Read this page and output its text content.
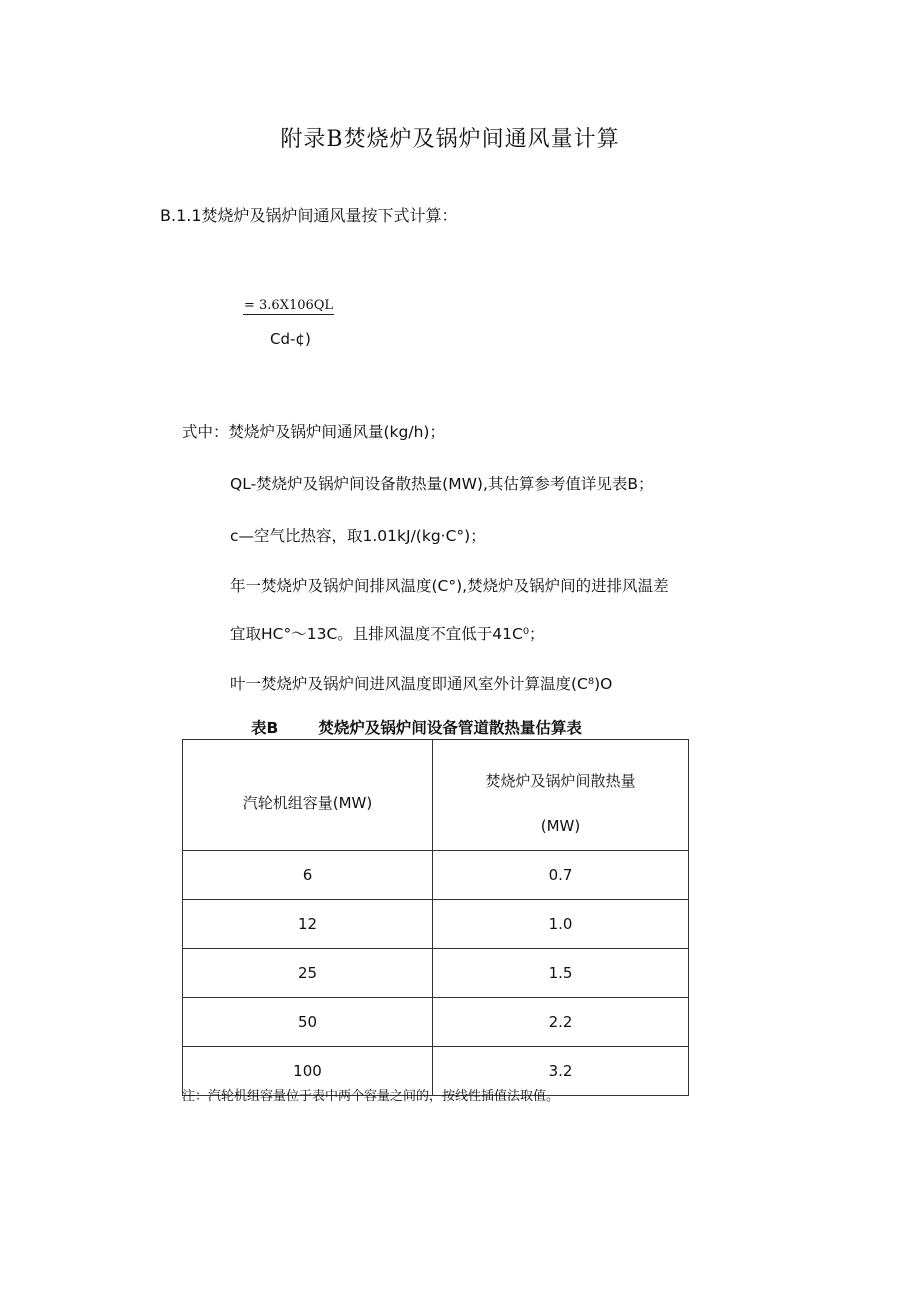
附录B焚烧炉及锅炉间通风量计算
B.1.1焚烧炉及锅炉间通风量按下式计算：
= 3.6X106QL
Cd-¢)
式中：焚烧炉及锅炉间通风量(kg/h)；
QL-焚烧炉及锅炉间设备散热量(MW),其估算参考值详见表B；
c—空气比热容，取1.01kJ/(kg·C°)；
年一焚烧炉及锅炉间排风温度(C°),焚烧炉及锅炉间的进排风温差
宜取HC°～13C。且排风温度不宜低于41C⁰；
叶一焚烧炉及锅炉间进风温度即通风室外计算温度(C⁸)O
表B	焚烧炉及锅炉间设备管道散热量估算表
汽轮机组容量(MW)	焚烧炉及锅炉间散热量
(MW)

6	0.7
12	1.0
25	1.5
50	2.2
100	3.2
注：汽轮机组容量位于表中两个容量之间的，按线性插值法取值。
